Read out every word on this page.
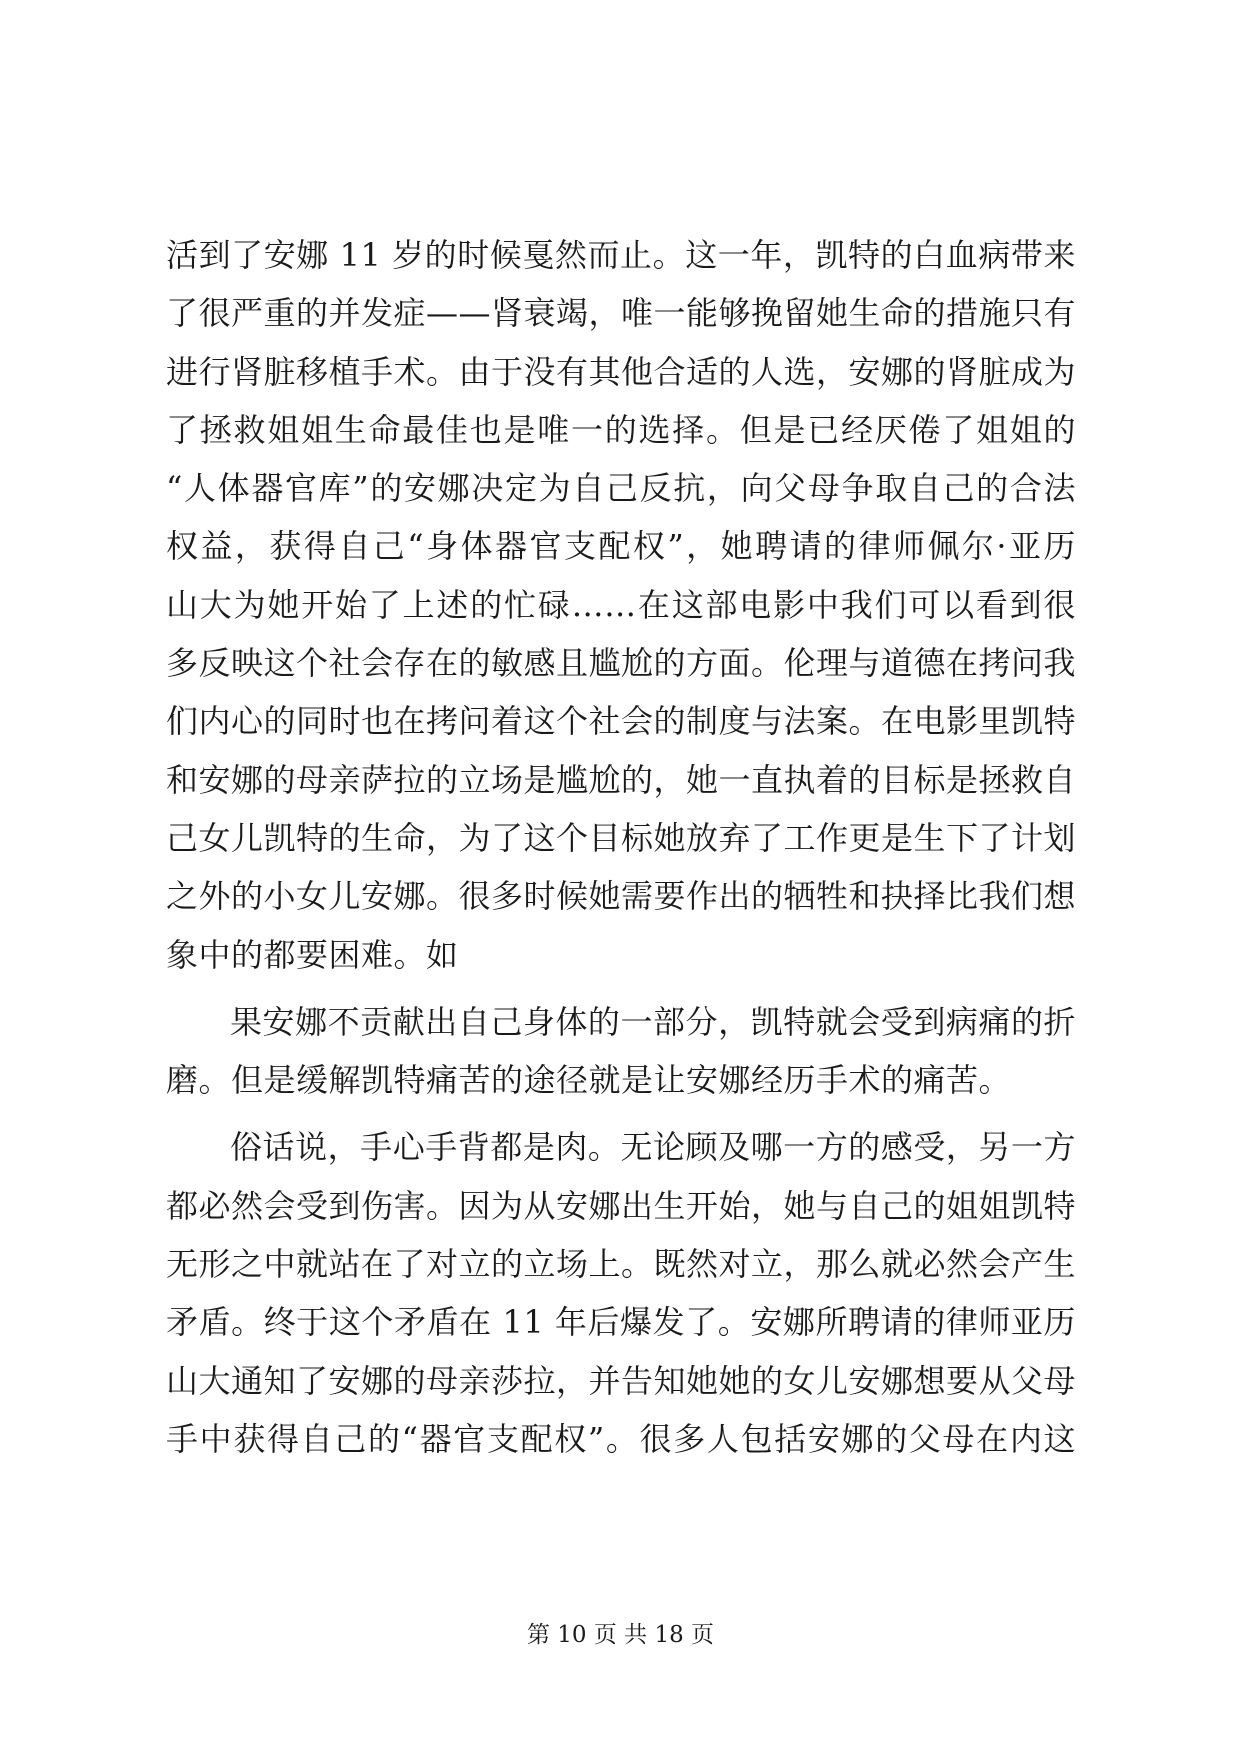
活到了安娜 11 岁的时候戛然而止。这一年，凯特的白血病带来
了很严重的并发症——肾衰竭，唯一能够挽留她生命的措施只有
进行肾脏移植手术。由于没有其他合适的人选，安娜的肾脏成为
了拯救姐姐生命最佳也是唯一的选择。但是已经厌倦了姐姐的
“人体器官库”的安娜决定为自己反抗，向父母争取自己的合法
权益，获得自己“身体器官支配权”，她聘请的律师佩尔·亚历
山大为她开始了上述的忙碌……在这部电影中我们可以看到很
多反映这个社会存在的敏感且尴尬的方面。伦理与道德在拷问我
们内心的同时也在拷问着这个社会的制度与法案。在电影里凯特
和安娜的母亲萨拉的立场是尴尬的，她一直执着的目标是拯救自
己女儿凯特的生命，为了这个目标她放弃了工作更是生下了计划
之外的小女儿安娜。很多时候她需要作出的牺牲和抉择比我们想
象中的都要困难。如
果安娜不贡献出自己身体的一部分，凯特就会受到病痛的折
磨。但是缓解凯特痛苦的途径就是让安娜经历手术的痛苦。
俗话说，手心手背都是肉。无论顾及哪一方的感受，另一方
都必然会受到伤害。因为从安娜出生开始，她与自己的姐姐凯特
无形之中就站在了对立的立场上。既然对立，那么就必然会产生
矛盾。终于这个矛盾在 11 年后爆发了。安娜所聘请的律师亚历
山大通知了安娜的母亲莎拉，并告知她她的女儿安娜想要从父母
手中获得自己的“器官支配权”。很多人包括安娜的父母在内这
第 10 页 共 18 页
